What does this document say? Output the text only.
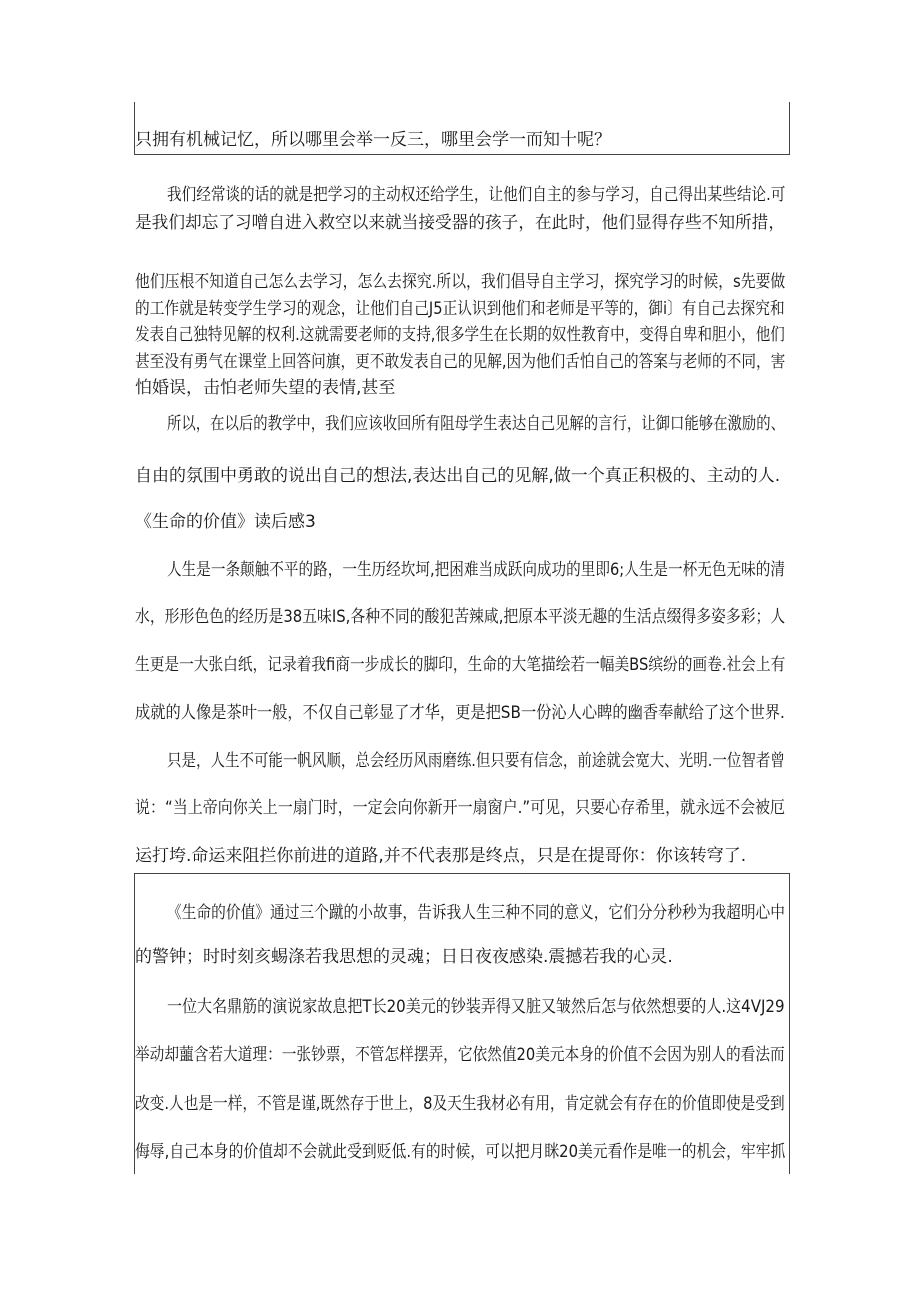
只拥有机械记忆，所以哪里会举一反三，哪里会学一而知十呢？
我们经常谈的话的就是把学习的主动权还给学生，让他们自主的参与学习，自己得出某些结论.可
是我们却忘了习噌自进入救空以来就当接受器的孩子，在此时，他们显得存些不知所措，
他们压根不知道自己怎么去学习，怎么去探究.所以，我们倡导自主学习，探究学习的时候，s先要做
的工作就是转变学生学习的观念，让他们自己J5正认识到他们和老师是平等的，御i〕有自己去探究和
发表自己独特见解的权利.这就需要老师的支持,很多学生在长期的奴性教育中，变得自卑和胆小，他们
甚至没有勇气在课堂上回答问旗，更不敢发表自己的见解,因为他们舌怕自己的答案与老师的不同，害
怕婚误，击怕老师失望的表情,甚至
所以，在以后的教学中，我们应该收回所有阻母学生表达自己见解的言行，让御口能够在激励的、
自由的氛围中勇敢的说出自己的想法,表达出自己的见解,做一个真正积极的、主动的人.
《生命的价值》读后感3
人生是一条颠触不平的路，一生历经坎坷,把困难当成跃向成功的里即6;人生是一杯无色无味的清
水，形形色色的经历是38五味IS,各种不同的酸犯苦辣咸,把原本平淡无趣的生活点缀得多姿多彩；人
生更是一大张白纸，记录着我fi商一步成长的脚印，生命的大笔描绘若一幅美BS缤纷的画卷.社会上有
成就的人像是茶叶一般，不仅自己彰显了才华，更是把SB一份沁人心睥的幽香奉献给了这个世界.
只是，人生不可能一帆风顺，总会经历风雨磨练.但只要有信念，前途就会宽大、光明.一位智者曾
说：“当上帝向你关上一扇门时，一定会向你新开一扇窗户.”可见，只要心存希里，就永远不会被厄
运打垮.命运来阻拦你前进的道路,并不代表那是终点，只是在提哥你：你该转穹了.
《生命的价值》通过三个蹴的小故事，告诉我人生三种不同的意义，它们分分秒秒为我超明心中
的警钟；时时刻亥蜴涤若我思想的灵魂；日日夜夜感染.震撼若我的心灵.
一位大名鼎筋的演说家故息把T长20美元的钞装弄得又脏又皱然后怎与依然想要的人.这4VJ29
举动却蘁含若大道理：一张钞票，不管怎样摆弄，它依然值20美元本身的价值不会因为别人的看法而
改变.人也是一样，不管是谨,既然存于世上，8及天生我材必有用，肯定就会有存在的价值即使是受到
侮辱,自己本身的价值却不会就此受到贬低.有的时候，可以把月眯20美元看作是唯一的机会，牢牢抓
